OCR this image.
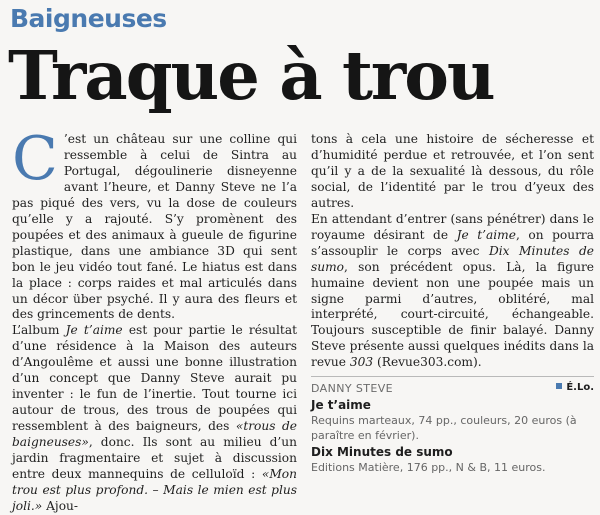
Baigneuses
Traque à trou

C ’est un château sur une colline qui ressemble à celui de Sintra au Portugal, dégoulinerie disneyenne avant l’heure, et Danny Steve ne l’a pas piqué des vers, vu la dose de couleurs qu’elle y a rajouté. S’y promènent des poupées et des animaux à gueule de figurine plastique, dans une ambiance 3D qui sent bon le jeu vidéo tout fané. Le hiatus est dans la place : corps raides et mal articulés dans un décor über psyché. Il y aura des fleurs et des grincements de dents.

L’album Je t’aime est pour partie le résultat d’une résidence à la Maison des auteurs d’Angoulême et aussi une bonne illustration d’un concept que Danny Steve aurait pu inventer : le fun de l’inertie. Tout tourne ici autour de trous, des trous de poupées qui ressemblent à des baigneurs, des «trous de baigneuses», donc. Ils sont au milieu d’un jardin fragmentaire et sujet à discussion entre deux mannequins de celluloïd : «Mon trou est plus profond. – Mais le mien est plus joli.» Ajou-

tons à cela une histoire de sécheresse et d’humidité perdue et retrouvée, et l’on sent qu’il y a de la sexualité là dessous, du rôle social, de l’identité par le trou d’yeux des autres.

En attendant d’entrer (sans pénétrer) dans le royaume désirant de Je t’aime, on pourra s’assouplir le corps avec Dix Minutes de sumo, son précédent opus. Là, la figure humaine devient non une poupée mais un signe parmi d’autres, oblitéré, mal interprété, court-circuité, échangeable. Toujours susceptible de finir balayé. Danny Steve présente aussi quelques inédits dans la revue 303 (Revue303.com).

É.Lo.

DANNY STEVE

Je t’aime

Requins marteaux, 74 pp., couleurs, 20 euros (à paraître en février).

Dix Minutes de sumo

Editions Matière, 176 pp., N & B, 11 euros.
